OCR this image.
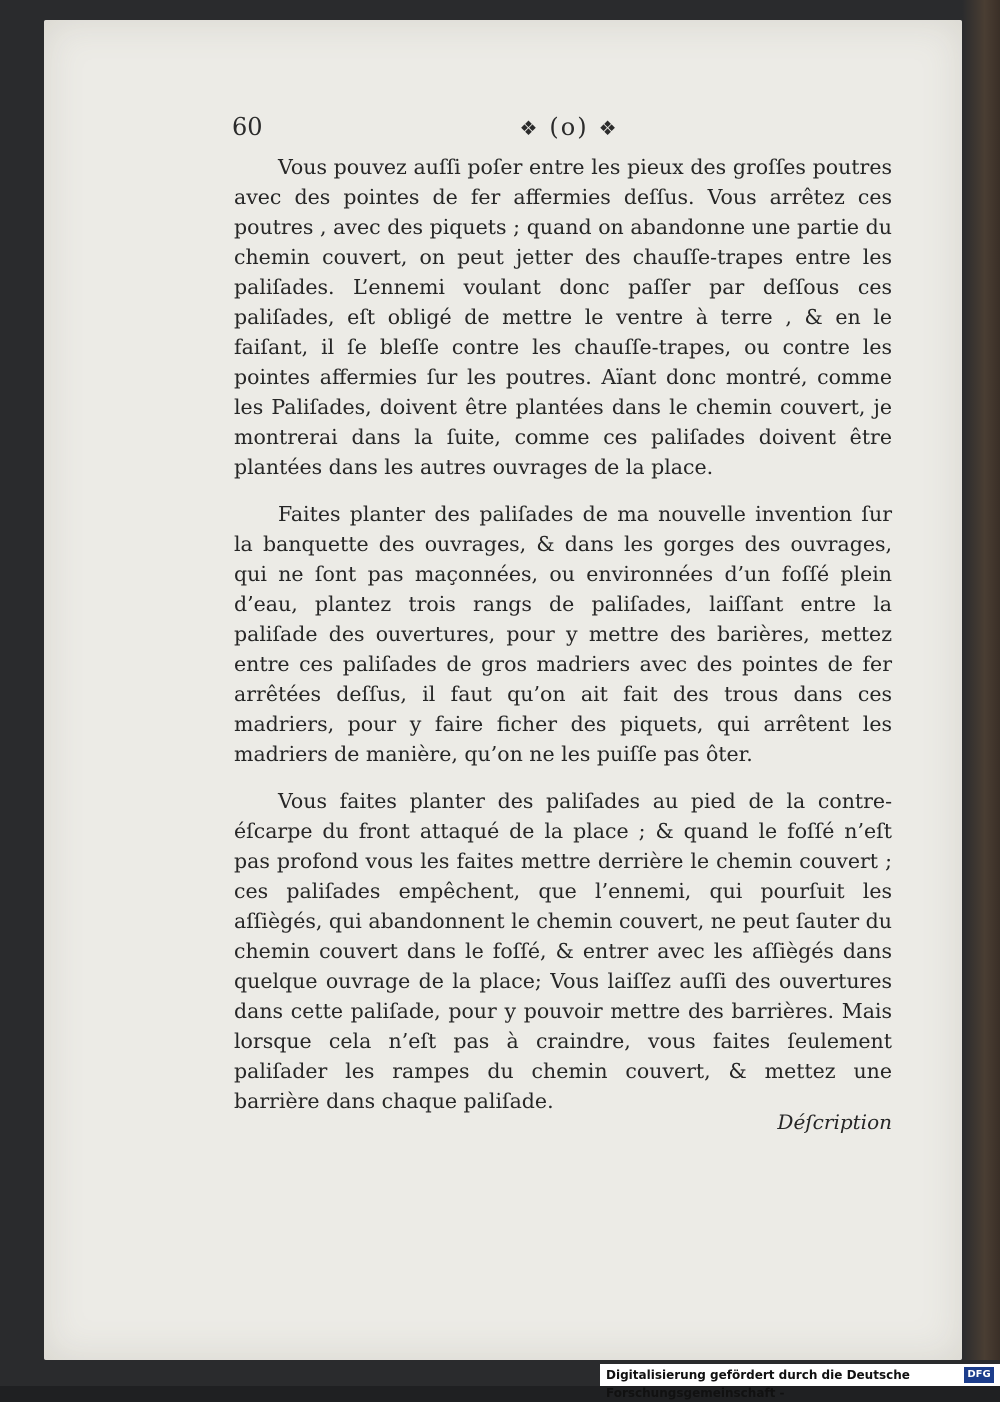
60	❖ (o) ❖

Vous pouvez auſſi poſer entre les pieux des groſſes poutres avec des pointes de fer affermies deſſus. Vous arrêtez ces poutres , avec des piquets ; quand on abandonne une partie du chemin couvert, on peut jetter des chauſſe-trapes entre les paliſades. L’ennemi voulant donc paſſer par deſſous ces paliſades, eſt obligé de mettre le ventre à terre , & en le faiſant, il ſe bleſſe contre les chauſſe-trapes, ou contre les pointes affermies ſur les poutres. Aïant donc montré, comme les Paliſades, doivent être plantées dans le chemin couvert, je montrerai dans la ſuite, comme ces paliſades doivent être plantées dans les autres ouvrages de la place.

Faites planter des paliſades de ma nouvelle invention ſur la banquette des ouvrages, & dans les gorges des ouvrages, qui ne ſont pas maçonnées, ou environnées d’un foſſé plein d’eau, plantez trois rangs de paliſades, laiſſant entre la paliſade des ouvertures, pour y mettre des barières, mettez entre ces paliſades de gros madriers avec des pointes de fer arrêtées deſſus, il faut qu’on ait fait des trous dans ces madriers, pour y faire ficher des piquets, qui arrêtent les madriers de manière, qu’on ne les puiſſe pas ôter.

Vous faites planter des paliſades au pied de la contre-éſcarpe du front attaqué de la place ; & quand le foſſé n’eſt pas profond vous les faites mettre derrière le chemin couvert ; ces paliſades empêchent, que l’ennemi, qui pourſuit les aſſiègés, qui abandonnent le chemin couvert, ne peut ſauter du chemin couvert dans le foſſé, & entrer avec les aſſiègés dans quelque ouvrage de la place; Vous laiſſez auſſi des ouvertures dans cette paliſade, pour y pouvoir mettre des barrières. Mais lorsque cela n’eſt pas à craindre, vous faites ſeulement paliſader les rampes du chemin couvert, & mettez une barrière dans chaque paliſade.

Déſcription
Digitalisierung gefördert durch die Deutsche Forschungsgemeinschaft -
DFG
